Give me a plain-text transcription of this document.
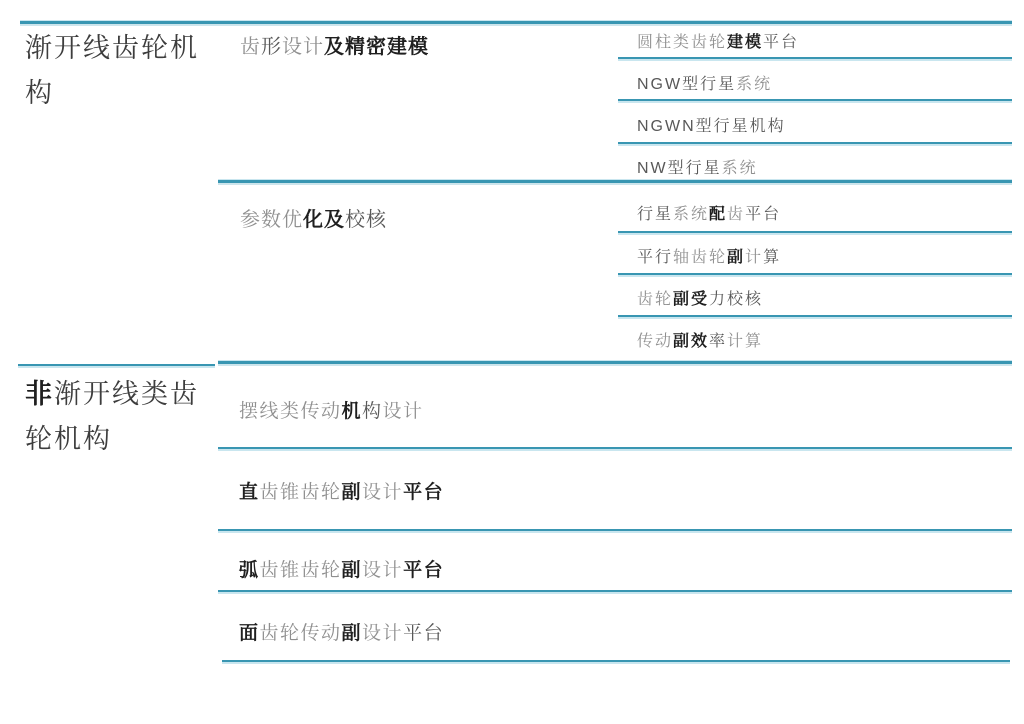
渐开线齿轮机构
齿形设计及精密建模	圆柱类齿轮建模平台
NGW型行星系统
NGWN型行星机构
NW型行星系统
参数优化及校核	行星系统配齿平台
平行轴齿轮副计算
齿轮副受力校核
传动副效率计算
非渐开线类齿轮机构
摆线类传动机构设计
直齿锥齿轮副设计平台
弧齿锥齿轮副设计平台
面齿轮传动副设计平台
